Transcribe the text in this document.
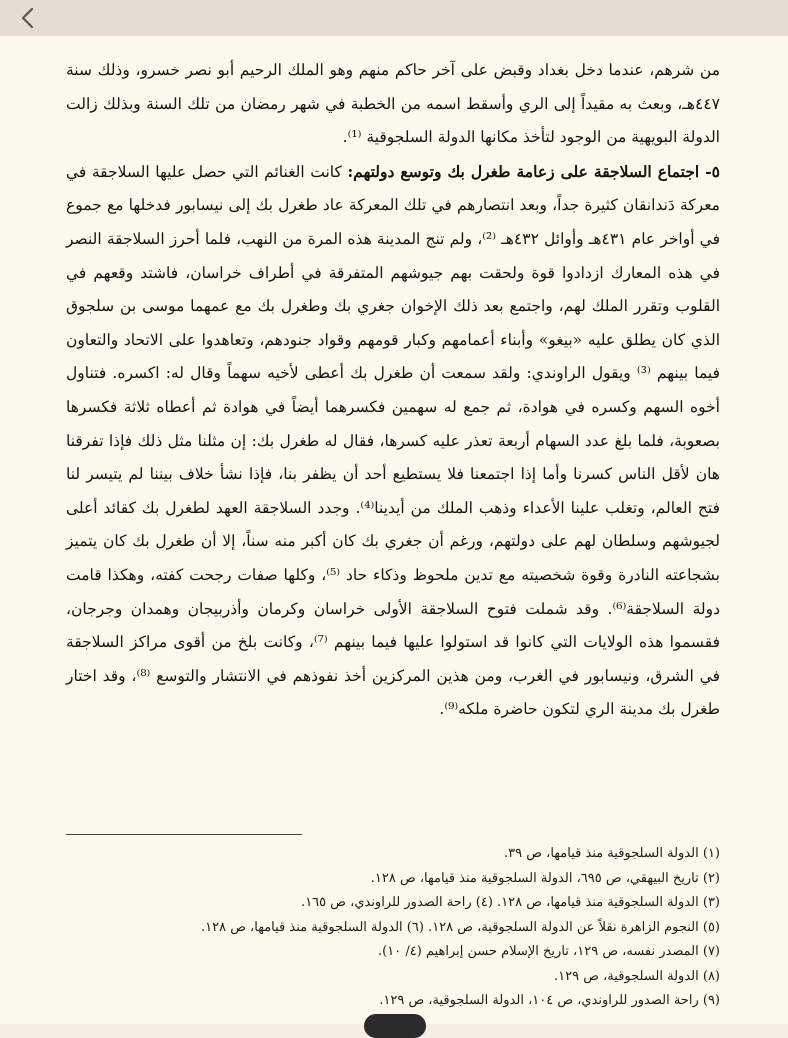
من شرهم، عندما دخل بغداد وقبض على آخر حاكم منهم وهو الملك الرحيم أبو نصر خسرو، وذلك سنة ٤٤٧هـ، وبعث به مقيداً إلى الري وأسقط اسمه من الخطبة في شهر رمضان من تلك السنة وبذلك زالت الدولة البويهية من الوجود لتأخذ مكانها الدولة السلجوقية ⁽¹⁾.

٥- اجتماع السلاجقة على زعامة طغرل بك وتوسع دولتهم: كانت الغنائم التي حصل عليها السلاجقة في معركة دَندانقان كثيرة جداً، وبعد انتصارهم في تلك المعركة عاد طغرل بك إلى نيسابور فدخلها مع جموع في أواخر عام ٤٣١هـ وأوائل ٤٣٢هـ ⁽²⁾، ولم تنج المدينة هذه المرة من النهب، فلما أحرز السلاجقة النصر في هذه المعارك ازدادوا قوة ولحقت بهم جيوشهم المتفرقة في أطراف خراسان، فاشتد وقعهم في القلوب وتقرر الملك لهم، واجتمع بعد ذلك الإخوان جغري بك وطغرل بك مع عمهما موسى بن سلجوق الذي كان يطلق عليه «بيغو» وأبناء أعمامهم وكبار قومهم وقواد جنودهم، وتعاهدوا على الاتحاد والتعاون فيما بينهم ⁽³⁾ ويقول الراوندي: ولقد سمعت أن طغرل بك أعطى لأخيه سهماً وقال له: اكسره. فتناول أخوه السهم وكسره في هوادة، ثم جمع له سهمين فكسرهما أيضاً في هوادة ثم أعطاه ثلاثة فكسرها بصعوبة، فلما بلغ عدد السهام أربعة تعذر عليه كسرها، فقال له طغرل بك: إن مثلنا مثل ذلك فإذا تفرقنا هان لأقل الناس كسرنا وأما إذا اجتمعنا فلا يستطيع أحد أن يظفر بنا، فإذا نشأ خلاف بيننا لم يتيسر لنا فتح العالم، وتغلب علينا الأعداء وذهب الملك من أيدينا⁽⁴⁾. وجدد السلاجقة العهد لطغرل بك كقائد أعلى لجيوشهم وسلطان لهم على دولتهم، ورغم أن جغري بك كان أكبر منه سناً، إلا أن طغرل بك كان يتميز بشجاعته النادرة وقوة شخصيته مع تدين ملحوظ وذكاء حاد ⁽⁵⁾، وكلها صفات رجحت كفته، وهكذا قامت دولة السلاجقة⁽⁶⁾. وقد شملت فتوح السلاجقة الأولى خراسان وكرمان وأذربيجان وهمدان وجرجان، فقسموا هذه الولايات التي كانوا قد استولوا عليها فيما بينهم ⁽⁷⁾، وكانت بلخ من أقوى مراكز السلاجقة في الشرق، ونيسابور في الغرب، ومن هذين المركزين أخذ نفوذهم في الانتشار والتوسع ⁽⁸⁾، وقد اختار طغرل بك مدينة الري لتكون حاضرة ملكه⁽⁹⁾.

(١) الدولة السلجوقية منذ قيامها، ص ٣٩.
(٢) تاريخ البيهقي، ص ٦٩٥، الدولة السلجوقية منذ قيامها، ص ١٢٨.
(٣) الدولة السلجوقية منذ قيامها، ص ١٢٨. (٤) راحة الصدور للراوندي، ص ١٦٥.
(٥) النجوم الزاهرة نقلاً عن الدولة السلجوقية، ص ١٢٨. (٦) الدولة السلجوقية منذ قيامها، ص ١٢٨.
(٧) المصدر نفسه، ص ١٢٩، تاريخ الإسلام حسن إبراهيم (٤/ ١٠).
(٨) الدولة السلجوقية، ص ١٢٩.
(٩) راحة الصدور للراوندي، ص ١٠٤، الدولة السلجوقية، ص ١٢٩.
